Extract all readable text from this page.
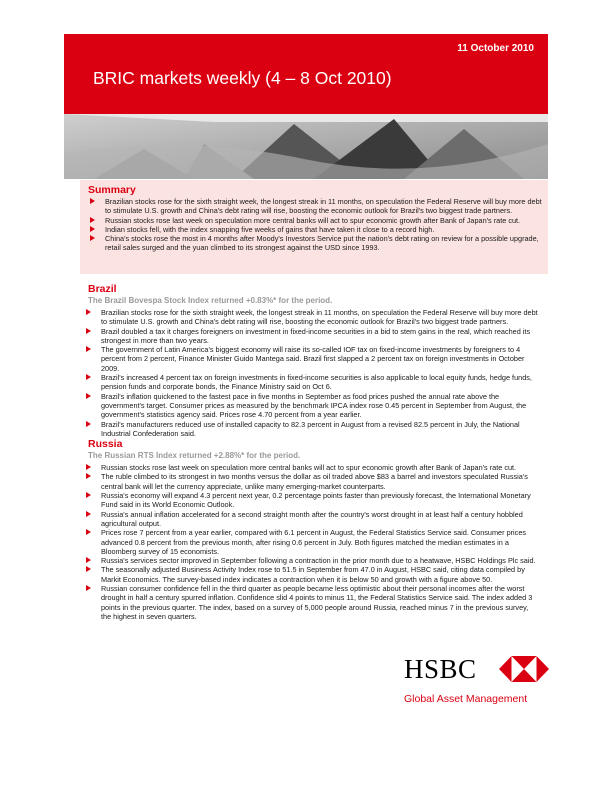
11 October 2010
BRIC markets weekly (4 – 8 Oct 2010)
Summary
Brazilian stocks rose for the sixth straight week, the longest streak in 11 months, on speculation the Federal Reserve will buy more debt to stimulate U.S. growth and China's debt rating will rise, boosting the economic outlook for Brazil's two biggest trade partners.
Russian stocks rose last week on speculation more central banks will act to spur economic growth after Bank of Japan's rate cut.
Indian stocks fell, with the index snapping five weeks of gains that have taken it close to a record high.
China's stocks rose the most in 4 months after Moody's Investors Service put the nation's debt rating on review for a possible upgrade, retail sales surged and the yuan climbed to its strongest against the USD since 1993.
Brazil
The Brazil Bovespa Stock Index returned +0.83%* for the period.
Brazilian stocks rose for the sixth straight week, the longest streak in 11 months, on speculation the Federal Reserve will buy more debt to stimulate U.S. growth and China's debt rating will rise, boosting the economic outlook for Brazil's two biggest trade partners.
Brazil doubled a tax it charges foreigners on investment in fixed-income securities in a bid to stem gains in the real, which reached its strongest in more than two years.
The government of Latin America's biggest economy will raise its so-called IOF tax on fixed-income investments by foreigners to 4 percent from 2 percent, Finance Minister Guido Mantega said. Brazil first slapped a 2 percent tax on foreign investments in October 2009.
Brazil's increased 4 percent tax on foreign investments in fixed-income securities is also applicable to local equity funds, hedge funds, pension funds and corporate bonds, the Finance Ministry said on Oct 6.
Brazil's inflation quickened to the fastest pace in five months in September as food prices pushed the annual rate above the government's target. Consumer prices as measured by the benchmark IPCA index rose 0.45 percent in September from August, the government's statistics agency said. Prices rose 4.70 percent from a year earlier.
Brazil's manufacturers reduced use of installed capacity to 82.3 percent in August from a revised 82.5 percent in July, the National Industrial Confederation said.
Russia
The Russian RTS Index returned +2.88%* for the period.
Russian stocks rose last week on speculation more central banks will act to spur economic growth after Bank of Japan's rate cut.
The ruble climbed to its strongest in two months versus the dollar as oil traded above $83 a barrel and investors speculated Russia's central bank will let the currency appreciate, unlike many emerging-market counterparts.
Russia's economy will expand 4.3 percent next year, 0.2 percentage points faster than previously forecast, the International Monetary Fund said in its World Economic Outlook.
Russia's annual inflation accelerated for a second straight month after the country's worst drought in at least half a century hobbled agricultural output.
Prices rose 7 percent from a year earlier, compared with 6.1 percent in August, the Federal Statistics Service said. Consumer prices advanced 0.8 percent from the previous month, after rising 0.6 percent in July. Both figures matched the median estimates in a Bloomberg survey of 15 economists.
Russia's services sector improved in September following a contraction in the prior month due to a heatwave, HSBC Holdings Plc said.
The seasonally adjusted Business Activity Index rose to 51.5 in September from 47.0 in August, HSBC said, citing data compiled by Markit Economics. The survey-based index indicates a contraction when it is below 50 and growth with a figure above 50.
Russian consumer confidence fell in the third quarter as people became less optimistic about their personal incomes after the worst drought in half a century spurred inflation. Confidence slid 4 points to minus 11, the Federal Statistics Service said. The index added 3 points in the previous quarter. The index, based on a survey of 5,000 people around Russia, reached minus 7 in the previous survey, the highest in seven quarters.
HSBC
Global Asset Management
